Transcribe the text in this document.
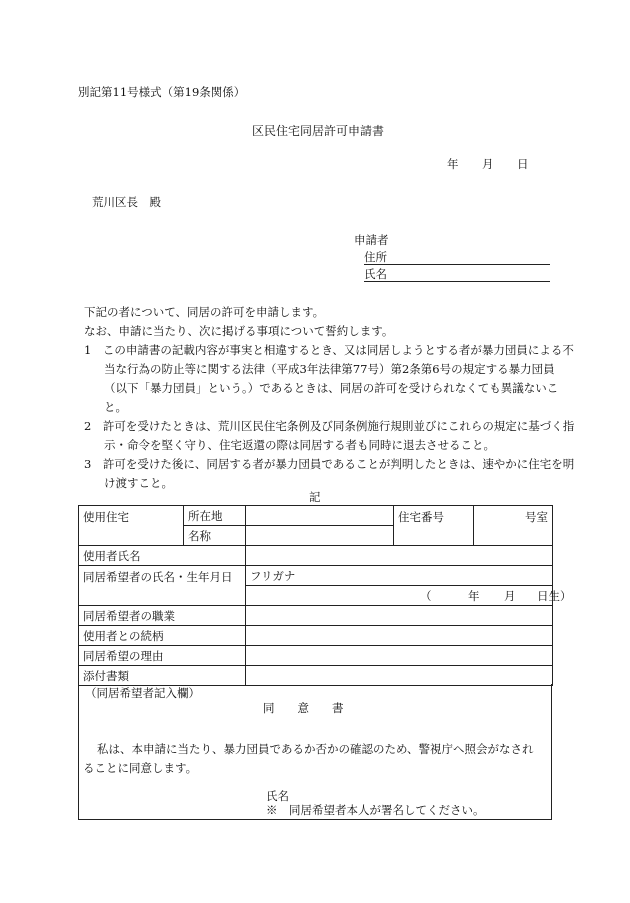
別記第11号様式（第19条関係）
区民住宅同居許可申請書
年 月 日
荒川区長　殿
申請者
住所
氏名
下記の者について、同居の許可を申請します。
なお、申請に当たり、次に掲げる事項について誓約します。
1　この申請書の記載内容が事実と相違するとき、又は同居しようとする者が暴力団員による不当な行為の防止等に関する法律（平成3年法律第77号）第2条第6号の規定する暴力団員（以下「暴力団員」という。）であるときは、同居の許可を受けられなくても異議ないこと。
2　許可を受けたときは、荒川区民住宅条例及び同条例施行規則並びにこれらの規定に基づく指示・命令を堅く守り、住宅返還の際は同居する者も同時に退去させること。
3　許可を受けた後に、同居する者が暴力団員であることが判明したときは、速やかに住宅を明け渡すこと。
記
使用住宅	所在地		住宅番号	号室
	名称			
使用者氏名				
同居希望者の氏名・生年月日		フリガナ		

		（ 年 月 日生）		

同居希望者の職業				
使用者との続柄				
同居希望の理由				
添付書類				
（同居希望者記入欄）
同　　意　　書
私は、本申請に当たり、暴力団員であるか否かの確認のため、警視庁へ照会がなされることに同意します。
氏名
※　同居希望者本人が署名してください。
